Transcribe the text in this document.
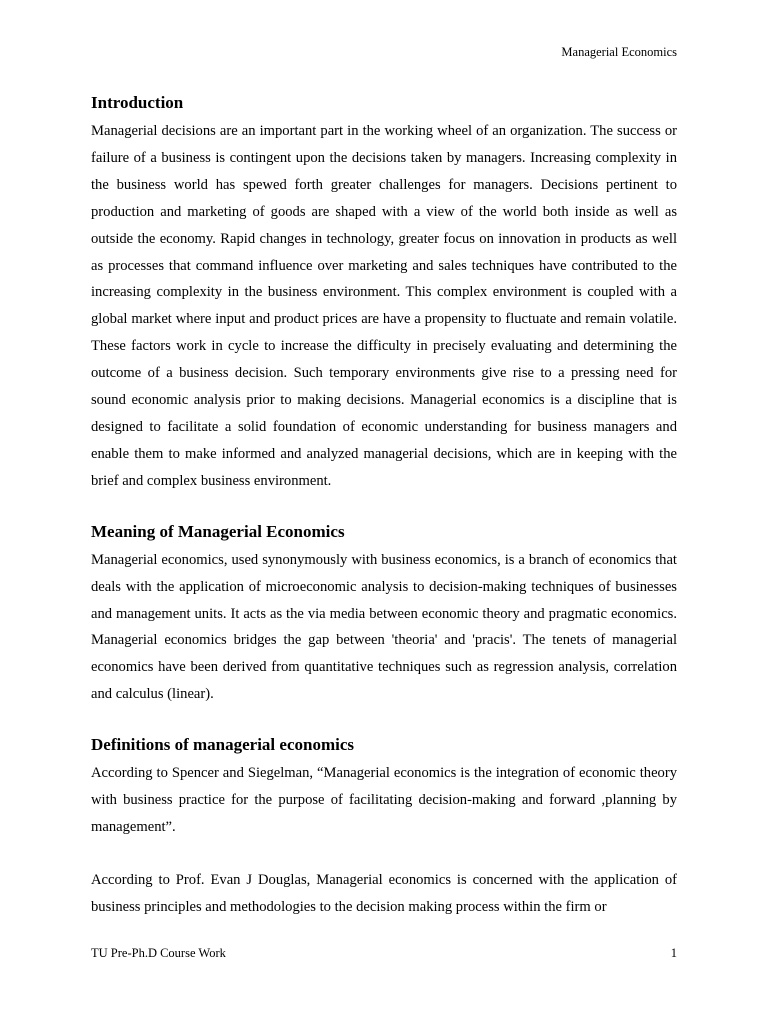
Managerial Economics
Introduction

Managerial decisions are an important part in the working wheel of an organization. The success or failure of a business is contingent upon the decisions taken by managers. Increasing complexity in the business world has spewed forth greater challenges for managers. Decisions pertinent to production and marketing of goods are shaped with a view of the world both inside as well as outside the economy. Rapid changes in technology, greater focus on innovation in products as well as processes that command influence over marketing and sales techniques have contributed to the increasing complexity in the business environment. This complex environment is coupled with a global market where input and product prices are have a propensity to fluctuate and remain volatile. These factors work in cycle to increase the difficulty in precisely evaluating and determining the outcome of a business decision. Such temporary environments give rise to a pressing need for sound economic analysis prior to making decisions. Managerial economics is a discipline that is designed to facilitate a solid foundation of economic understanding for business managers and enable them to make informed and analyzed managerial decisions, which are in keeping with the brief and complex business environment.

Meaning of Managerial Economics

Managerial economics, used synonymously with business economics, is a branch of economics that deals with the application of microeconomic analysis to decision-making techniques of businesses and management units. It acts as the via media between economic theory and pragmatic economics. Managerial economics bridges the gap between 'theoria' and 'pracis'. The tenets of managerial economics have been derived from quantitative techniques such as regression analysis, correlation and calculus (linear).

Definitions of managerial economics

According to Spencer and Siegelman, “Managerial economics is the integration of economic theory with business practice for the purpose of facilitating decision-making and forward ,planning by management”.

According to Prof. Evan J Douglas, Managerial economics is concerned with the application of business principles and methodologies to the decision making process within the firm or

TU Pre-Ph.D Course Work	1
